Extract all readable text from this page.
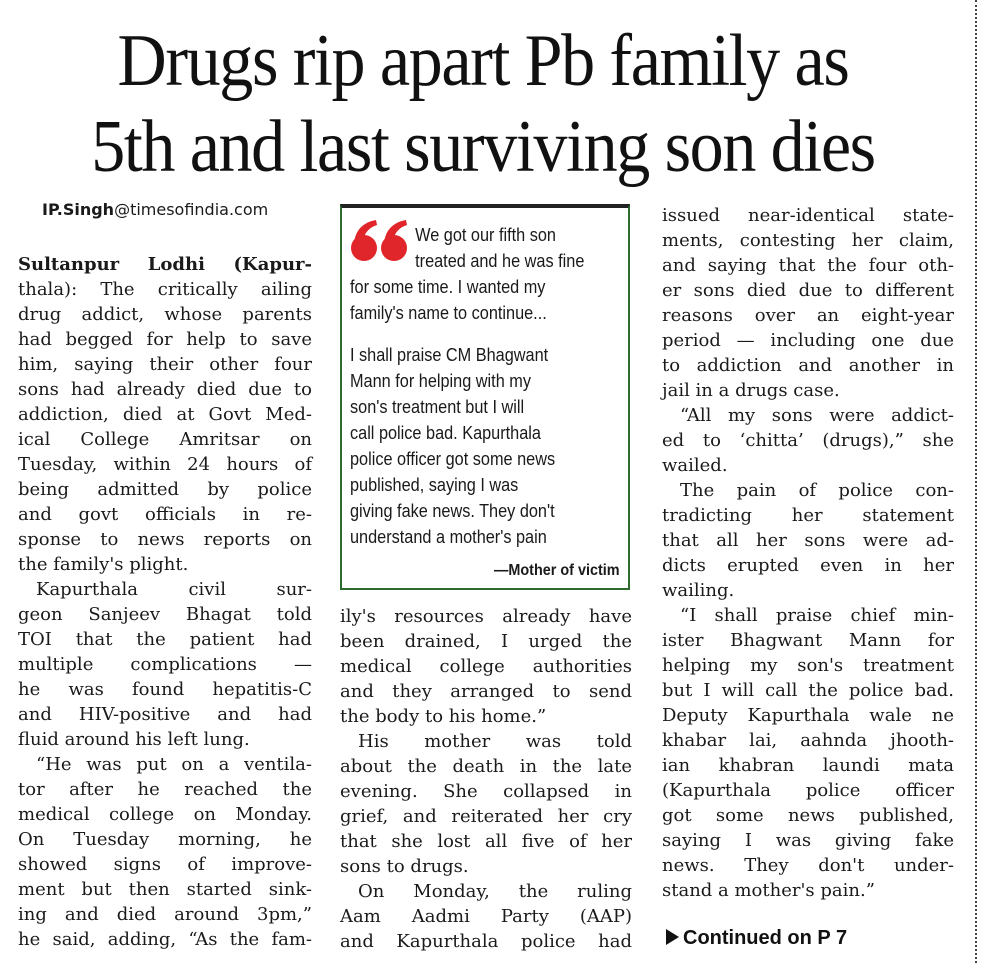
Drugs rip apart Pb family as
5th and last surviving son dies
IP.Singh@timesofindia.com
Sultanpur Lodhi (Kapur-
thala): The critically ailing
drug addict, whose parents
had begged for help to save
him, saying their other four
sons had already died due to
addiction, died at Govt Med-
ical College Amritsar on
Tuesday, within 24 hours of
being admitted by police
and govt officials in re-
sponse to news reports on
the family's plight.
Kapurthala civil sur-
geon Sanjeev Bhagat told
TOI that the patient had
multiple complications —
he was found hepatitis-C
and HIV-positive and had
fluid around his left lung.
“He was put on a ventila-
tor after he reached the
medical college on Monday.
On Tuesday morning, he
showed signs of improve-
ment but then started sink-
ing and died around 3pm,”
he said, adding, “As the fam-
We got our fifth son
treated and he was fine
for some time. I wanted my
family's name to continue...
I shall praise CM Bhagwant
Mann for helping with my
son's treatment but I will
call police bad. Kapurthala
police officer got some news
published, saying I was
giving fake news. They don't
understand a mother's pain
—Mother of victim
ily's resources already have
been drained, I urged the
medical college authorities
and they arranged to send
the body to his home.”
His mother was told
about the death in the late
evening. She collapsed in
grief, and reiterated her cry
that she lost all five of her
sons to drugs.
On Monday, the ruling
Aam Aadmi Party (AAP)
and Kapurthala police had
issued near-identical state-
ments, contesting her claim,
and saying that the four oth-
er sons died due to different
reasons over an eight-year
period — including one due
to addiction and another in
jail in a drugs case.
“All my sons were addict-
ed to ‘chitta’ (drugs),” she
wailed.
The pain of police con-
tradicting her statement
that all her sons were ad-
dicts erupted even in her
wailing.
“I shall praise chief min-
ister Bhagwant Mann for
helping my son's treatment
but I will call the police bad.
Deputy Kapurthala wale ne
khabar lai, aahnda jhooth-
ian khabran laundi mata
(Kapurthala police officer
got some news published,
saying I was giving fake
news. They don't under-
stand a mother's pain.”
Continued on P 7
